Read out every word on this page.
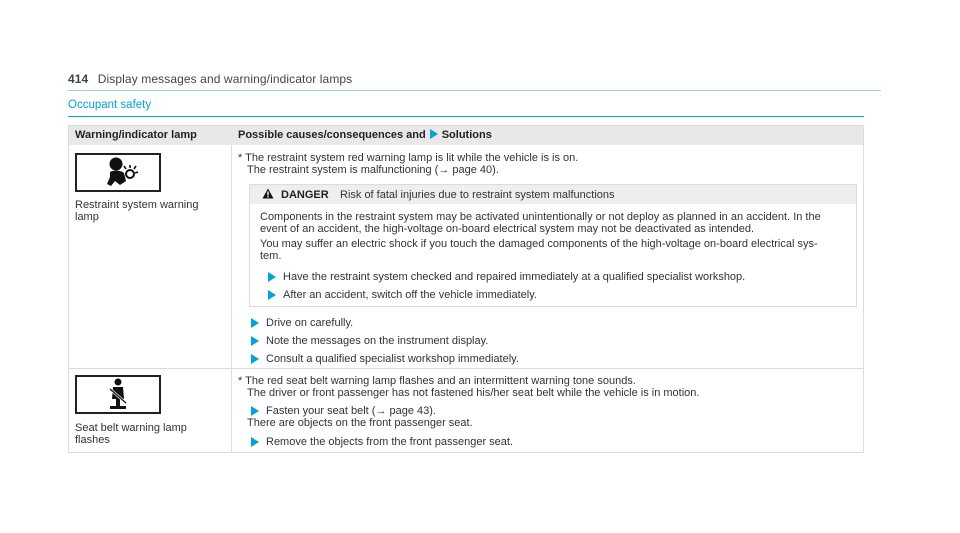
414 Display messages and warning/indicator lamps
Occupant safety
Warning/indicator lamp	Possible causes/consequences and Solutions
Restraint system warning
lamp
* The restraint system red warning lamp is lit while the vehicle is is on.
The restraint system is malfunctioning (→ page 40).
DANGER Risk of fatal injuries due to restraint system malfunctions
Components in the restraint system may be activated unintentionally or not deploy as planned in an accident. In the
event of an accident, the high-voltage on-board electrical system may not be deactivated as intended.
You may suffer an electric shock if you touch the damaged components of the high-voltage on-board electrical sys-
tem.
Have the restraint system checked and repaired immediately at a qualified specialist workshop.
After an accident, switch off the vehicle immediately.
Drive on carefully.
Note the messages on the instrument display.
Consult a qualified specialist workshop immediately.
Seat belt warning lamp
flashes
* The red seat belt warning lamp flashes and an intermittent warning tone sounds.
The driver or front passenger has not fastened his/her seat belt while the vehicle is in motion.
Fasten your seat belt (→ page 43).
There are objects on the front passenger seat.
Remove the objects from the front passenger seat.
